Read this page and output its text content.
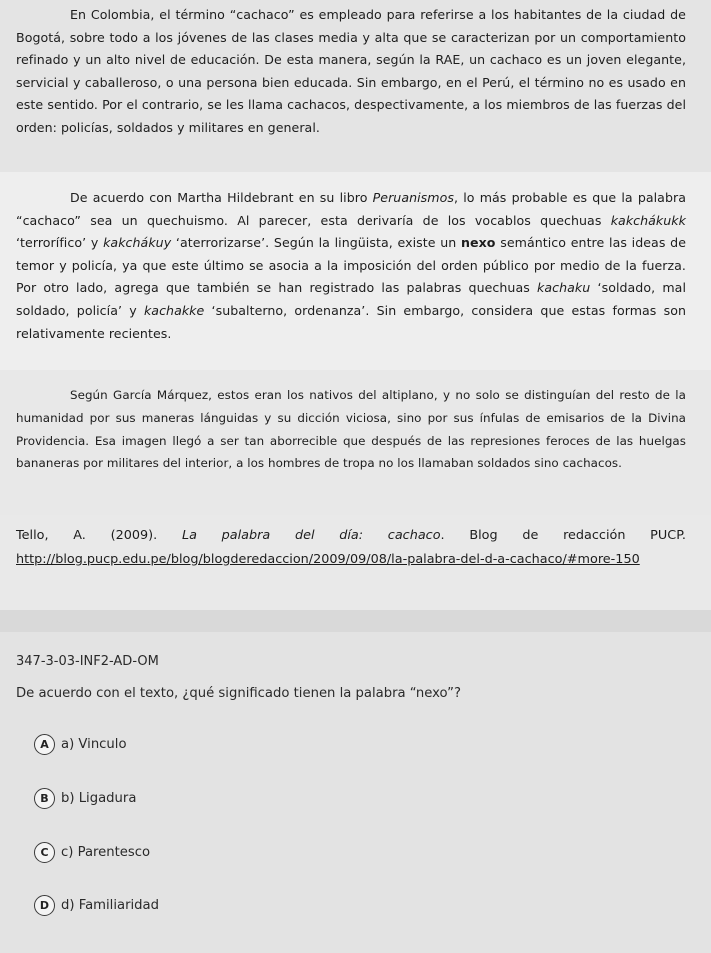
En Colombia, el término “cachaco” es empleado para referirse a los habitantes de la ciudad de Bogotá, sobre todo a los jóvenes de las clases media y alta que se caracterizan por un comportamiento refinado y un alto nivel de educación. De esta manera, según la RAE, un cachaco es un joven elegante, servicial y caballeroso, o una persona bien educada. Sin embargo, en el Perú, el término no es usado en este sentido. Por el contrario, se les llama cachacos, despectivamente, a los miembros de las fuerzas del orden: policías, soldados y militares en general.

De acuerdo con Martha Hildebrant en su libro Peruanismos, lo más probable es que la palabra “cachaco” sea un quechuismo. Al parecer, esta derivaría de los vocablos quechuas kakchákukk ‘terrorífico’ y kakchákuy ‘aterrorizarse’. Según la lingüista, existe un nexo semántico entre las ideas de temor y policía, ya que este último se asocia a la imposición del orden público por medio de la fuerza. Por otro lado, agrega que también se han registrado las palabras quechuas kachaku ‘soldado, mal soldado, policía’ y kachakke ‘subalterno, ordenanza’. Sin embargo, considera que estas formas son relativamente recientes.

Según García Márquez, estos eran los nativos del altiplano, y no solo se distinguían del resto de la humanidad por sus maneras lánguidas y su dicción viciosa, sino por sus ínfulas de emisarios de la Divina Providencia. Esa imagen llegó a ser tan aborrecible que después de las represiones feroces de las huelgas bananeras por militares del interior, a los hombres de tropa no los llamaban soldados sino cachacos.

Tello, A. (2009). La palabra del día: cachaco. Blog de redacción PUCP.
http://blog.pucp.edu.pe/blog/blogderedaccion/2009/09/08/la-palabra-del-d-a-cachaco/#more-150
347-3-03-INF2-AD-OM
De acuerdo con el texto, ¿qué significado tienen la palabra “nexo”?
A a) Vinculo
B b) Ligadura
C c) Parentesco
D d) Familiaridad
